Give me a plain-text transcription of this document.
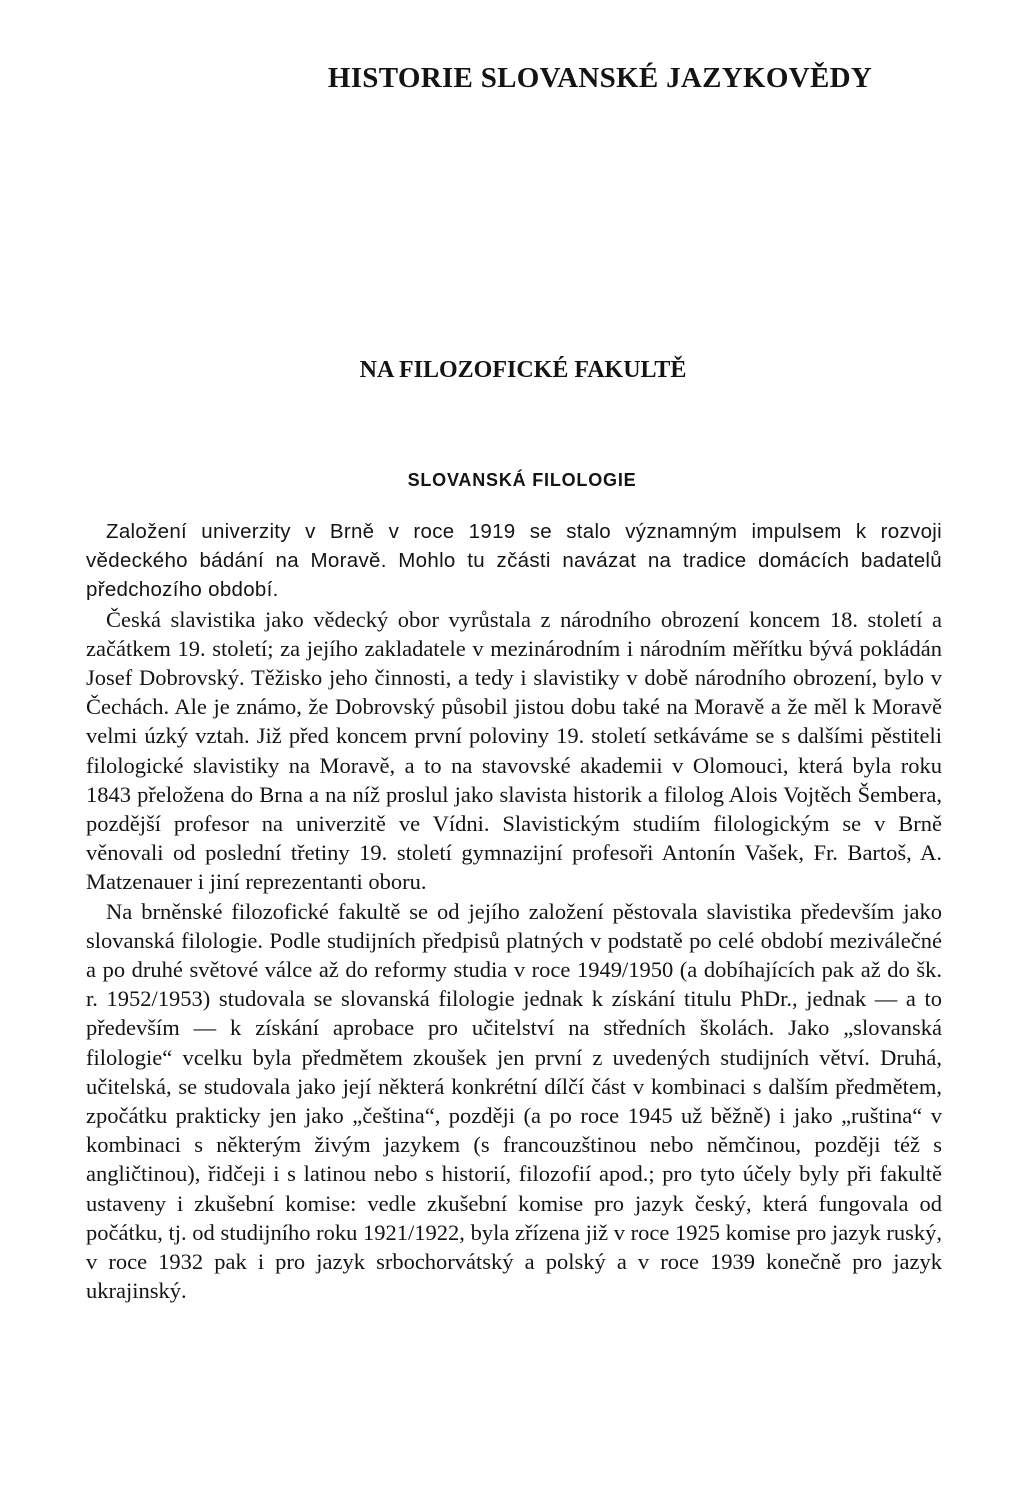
HISTORIE SLOVANSKÉ JAZYKOVĚDY
NA FILOZOFICKÉ FAKULTĚ
SLOVANSKÁ FILOLOGIE

Založení univerzity v Brně v roce 1919 se stalo významným impulsem k rozvoji vědeckého bádání na Moravě. Mohlo tu zčásti navázat na tradice domácích badatelů předchozího období.

Česká slavistika jako vědecký obor vyrůstala z národního obrození koncem 18. století a začátkem 19. století; za jejího zakladatele v mezinárodním i národním měřítku bývá pokládán Josef Dobrovský. Těžisko jeho činnosti, a tedy i slavistiky v době národního obrození, bylo v Čechách. Ale je známo, že Dobrovský působil jistou dobu také na Moravě a že měl k Moravě velmi úzký vztah. Již před koncem první poloviny 19. století setkáváme se s dalšími pěstiteli filologické slavistiky na Moravě, a to na stavovské akademii v Olomouci, která byla roku 1843 přeložena do Brna a na níž proslul jako slavista historik a filolog Alois Vojtěch Šembera, pozdější profesor na univerzitě ve Vídni. Slavistickým studiím filologickým se v Brně věnovali od poslední třetiny 19. století gymnazijní profesoři Antonín Vašek, Fr. Bartoš, A. Matzenauer i jiní reprezentanti oboru.

Na brněnské filozofické fakultě se od jejího založení pěstovala slavistika především jako slovanská filologie. Podle studijních předpisů platných v podstatě po celé období meziválečné a po druhé světové válce až do reformy studia v roce 1949/1950 (a dobíhajících pak až do šk. r. 1952/1953) studovala se slovanská filologie jednak k získání titulu PhDr., jednak — a to především — k získání aprobace pro učitelství na středních školách. Jako „slovanská filologie“ vcelku byla předmětem zkoušek jen první z uvedených studijních větví. Druhá, učitelská, se studovala jako její některá konkrétní dílčí část v kombinaci s dalším předmětem, zpočátku prakticky jen jako „čeština“, později (a po roce 1945 už běžně) i jako „ruština“ v kombinaci s některým živým jazykem (s francouzštinou nebo němčinou, později též s angličtinou), řidčeji i s latinou nebo s historií, filozofií apod.; pro tyto účely byly při fakultě ustaveny i zkušební komise: vedle zkušební komise pro jazyk český, která fungovala od počátku, tj. od studijního roku 1921/1922, byla zřízena již v roce 1925 komise pro jazyk ruský, v roce 1932 pak i pro jazyk srbochorvátský a polský a v roce 1939 konečně pro jazyk ukrajinský.
